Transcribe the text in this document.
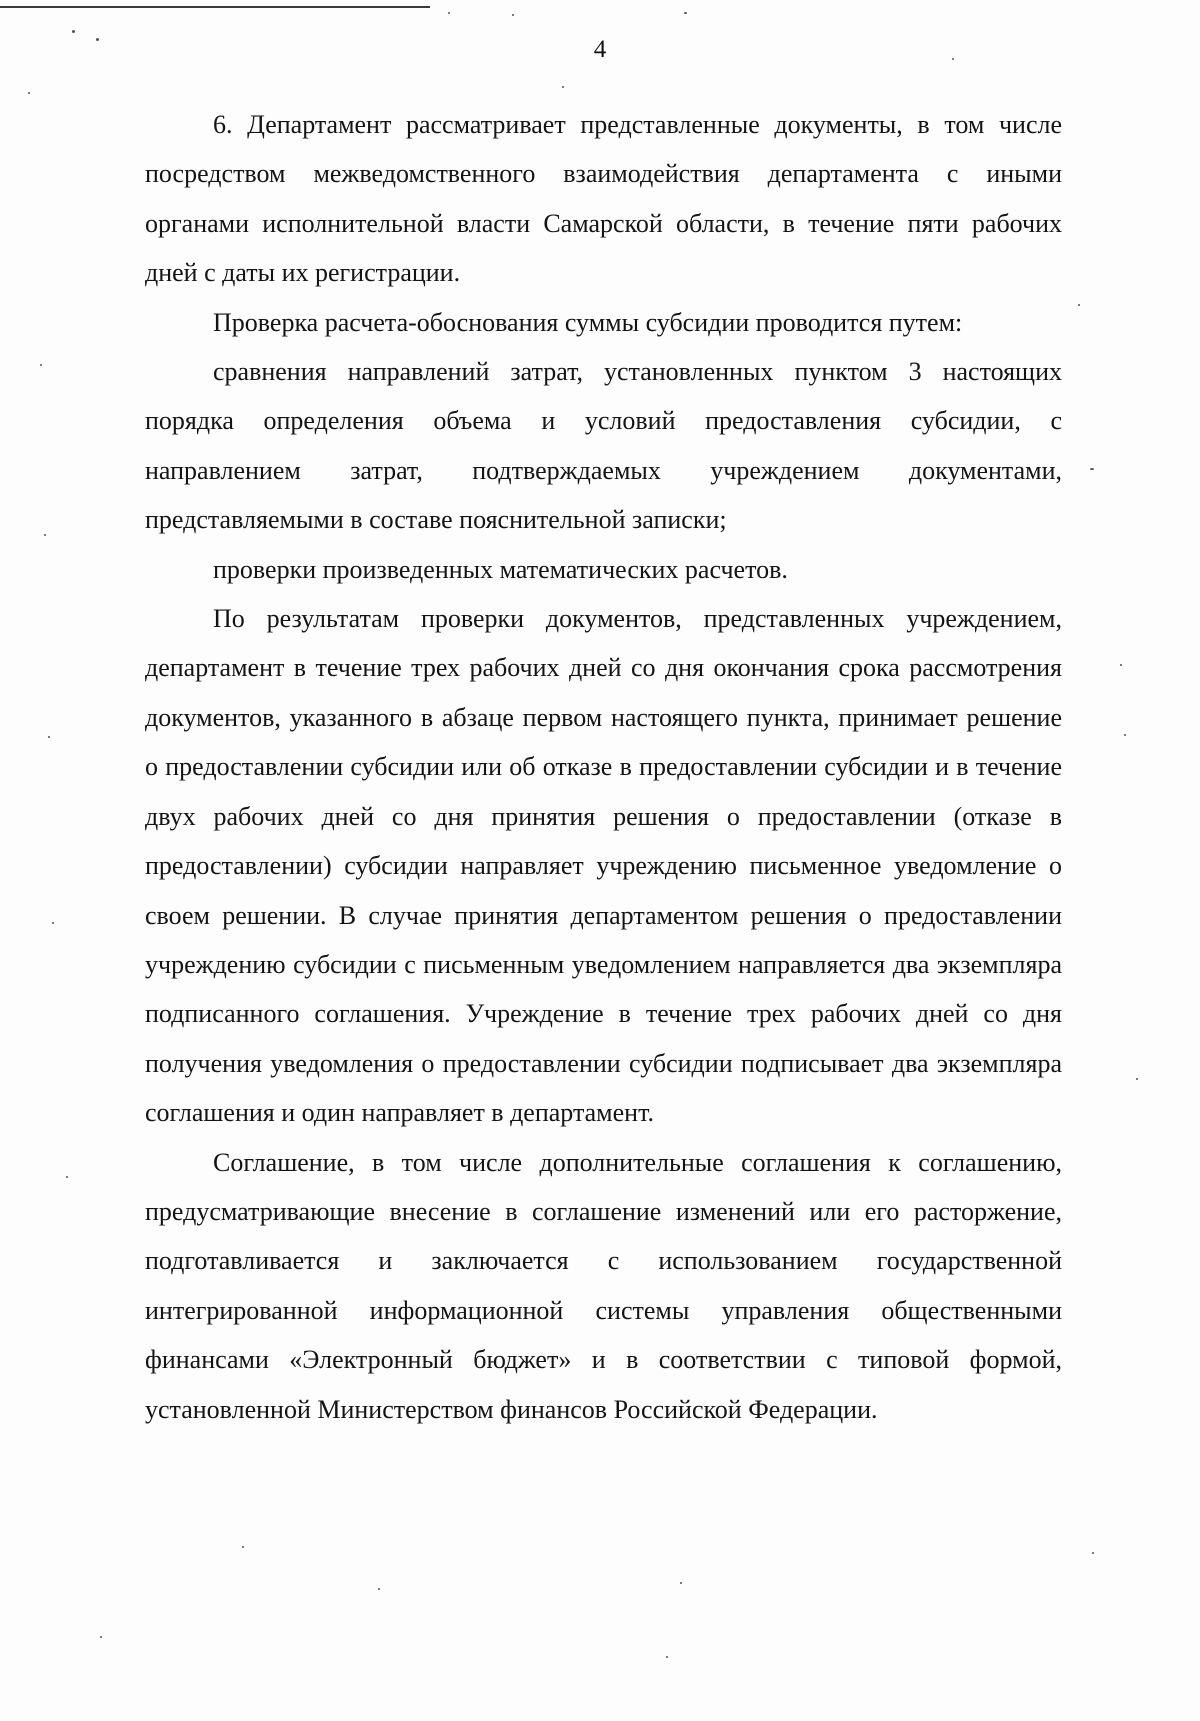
4

6. Департамент рассматривает представленные документы, в том числе посредством межведомственного взаимодействия департамента с иными органами исполнительной власти Самарской области, в течение пяти рабочих дней с даты их регистрации.

Проверка расчета-обоснования суммы субсидии проводится путем:

сравнения направлений затрат, установленных пунктом 3 настоящих порядка определения объема и условий предоставления субсидии, с направлением затрат, подтверждаемых учреждением документами, представляемыми в составе пояснительной записки;

проверки произведенных математических расчетов.

По результатам проверки документов, представленных учреждением, департамент в течение трех рабочих дней со дня окончания срока рассмотрения документов, указанного в абзаце первом настоящего пункта, принимает решение о предоставлении субсидии или об отказе в предоставлении субсидии и в течение двух рабочих дней со дня принятия решения о предоставлении (отказе в предоставлении) субсидии направляет учреждению письменное уведомление о своем решении. В случае принятия департаментом решения о предоставлении учреждению субсидии с письменным уведомлением направляется два экземпляра подписанного соглашения. Учреждение в течение трех рабочих дней со дня получения уведомления о предоставлении субсидии подписывает два экземпляра соглашения и один направляет в департамент.

Соглашение, в том числе дополнительные соглашения к соглашению, предусматривающие внесение в соглашение изменений или его расторжение, подготавливается и заключается с использованием государственной интегрированной информационной системы управления общественными финансами «Электронный бюджет» и в соответствии с типовой формой, установленной Министерством финансов Российской Федерации.
